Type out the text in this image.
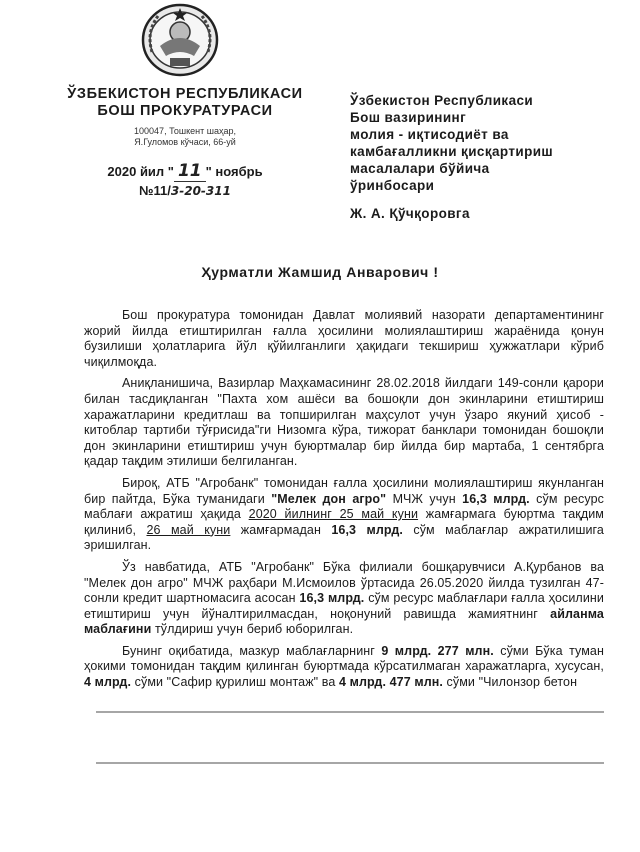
ЎЗБЕКИСТОН РЕСПУБЛИКАСИ
БОШ ПРОКУРАТУРАСИ
100047, Тошкент шаҳар,
Я.Гуломов кўчаси, 66-уй
2020 йил " 11 " ноябрь
№11/3-20-311
Ўзбекистон Республикаси
Бош вазирининг
молия - иқтисодиёт ва
камбағалликни қисқартириш
масалалари бўйича
ўринбосари
Ж. А. Қўчқоровга
Ҳурматли Жамшид Анварович !

Бош прокуратура томонидан Давлат молиявий назорати департаментининг жорий йилда етиштирилган ғалла ҳосилини молиялаштириш жараёнида қонун бузилиши ҳолатларига йўл қўйилганлиги ҳақидаги текшириш ҳужжатлари кўриб чиқилмоқда.

Аниқланишича, Вазирлар Маҳкамасининг 28.02.2018 йилдаги 149-сонли қарори билан тасдиқланган "Пахта хом ашёси ва бошоқли дон экинларини етиштириш харажатларини кредитлаш ва топширилган маҳсулот учун ўзаро якуний ҳисоб - китоблар тартиби тўғрисида"ги Низомга кўра, тижорат банклари томонидан бошоқли дон экинларини етиштириш учун буюртмалар бир йилда бир мартаба, 1 сентябрга қадар тақдим этилиши белгиланган.

Бироқ, АТБ "Агробанк" томонидан ғалла ҳосилини молиялаштириш якунланган бир пайтда, Бўка туманидаги "Мелек дон агро" МЧЖ учун 16,3 млрд. сўм ресурс маблағи ажратиш ҳақида 2020 йилнинг 25 май куни жамғармага буюртма тақдим қилиниб, 26 май куни жамғармадан 16,3 млрд. сўм маблағлар ажратилишига эришилган.

Ўз навбатида, АТБ "Агробанк" Бўка филиали бошқарувчиси А.Қурбанов ва "Мелек дон агро" МЧЖ раҳбари М.Исмоилов ўртасида 26.05.2020 йилда тузилган 47-сонли кредит шартномасига асосан 16,3 млрд. сўм ресурс маблағлари ғалла ҳосилини етиштириш учун йўналтирилмасдан, ноқонуний равишда жамиятнинг айланма маблағини тўлдириш учун бериб юборилган.

Бунинг оқибатида, мазкур маблағларнинг 9 млрд. 277 млн. сўми Бўка туман ҳокими томонидан тақдим қилинган буюртмада кўрсатилмаган харажатларга, хусусан, 4 млрд. сўми "Сафир қурилиш монтаж" ва 4 млрд. 477 млн. сўми "Чилонзор бетон
